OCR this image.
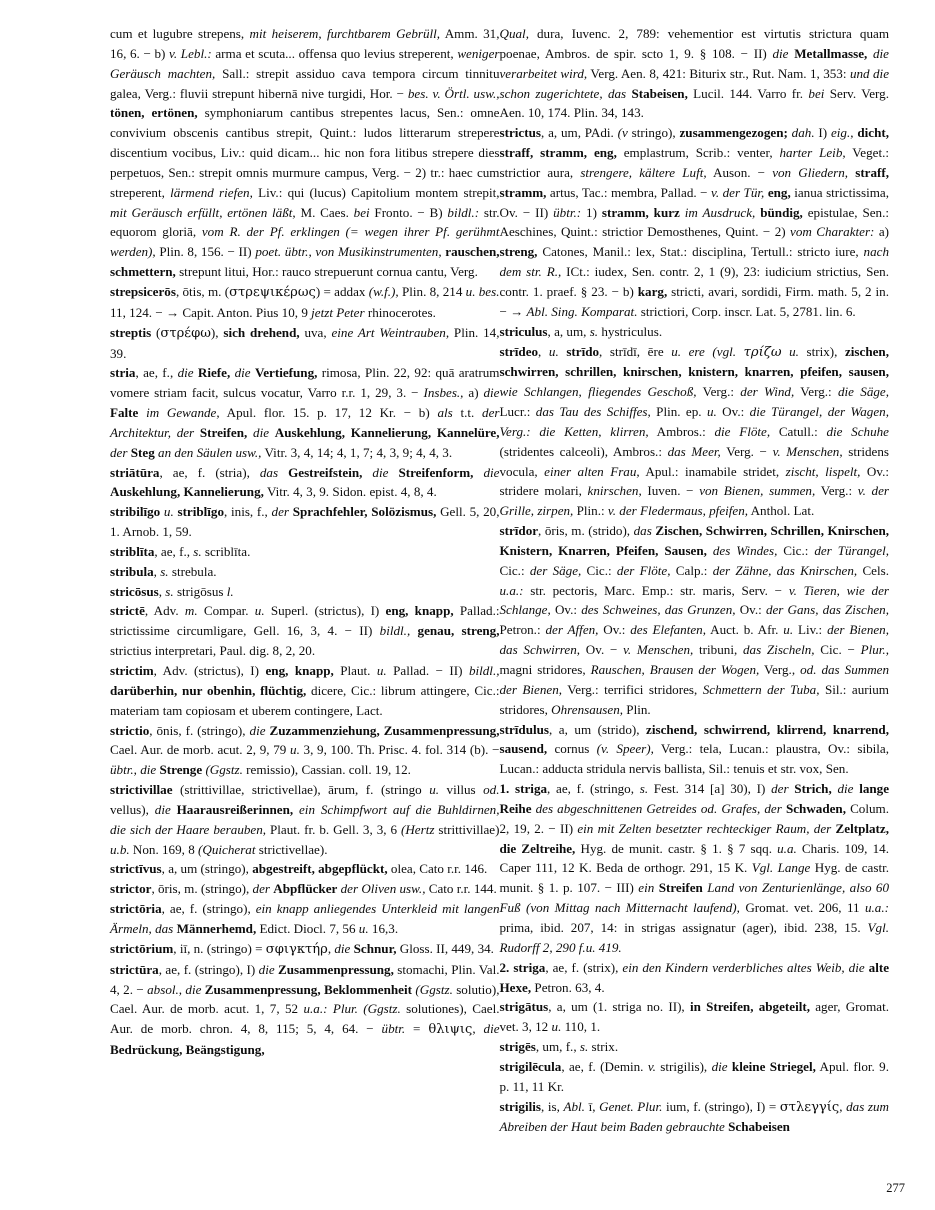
cum et lugubre strepens, mit heiserem, furchtbarem Gebrüll, Amm. 31, 16, 6. − b) v. Lebl.: arma et scuta... offensa quo levius streperent, weniger Geräusch machten, Sall.: strepit assiduo cava tempora circum tinnitu galea, Verg.: fluvii strepunt hibernā nive turgidi, Hor. − bes. v. Örtl. usw., tönen, ertönen, symphoniarum cantibus strepentes lacus, Sen.: omne convivium obscenis cantibus strepit, Quint.: ludos litterarum strepere discentium vocibus, Liv.: quid dicam... hic non fora litibus strepere dies perpetuos, Sen.: strepit omnis murmure campus, Verg. − 2) tr.: haec cum streperent, lärmend riefen, Liv.: qui (lucus) Capitolium montem strepit, mit Geräusch erfüllt, ertönen läßt, M. Caes. bei Fronto. − B) bildl.: str. equorom gloriā, vom R. der Pf. erklingen (= wegen ihrer Pf. gerühmt werden), Plin. 8, 156. − II) poet. übtr., von Musikinstrumenten, rauschen, schmettern, strepunt litui, Hor.: rauco strepuerunt cornua cantu, Verg.

strepsicerōs, ōtis, m. (στρεψικέρως) = addax (w.f.), Plin. 8, 214 u. bes. 11, 124. − → Capit. Anton. Pius 10, 9 jetzt Peter rhinocerotes.

streptis (στρέφω), sich drehend, uva, eine Art Weintrauben, Plin. 14, 39.

stria, ae, f., die Riefe, die Vertiefung, rimosa, Plin. 22, 92: quā aratrum vomere striam facit, sulcus vocatur, Varro r.r. 1, 29, 3. − Insbes., a) die Falte im Gewande, Apul. flor. 15. p. 17, 12 Kr. − b) als t.t. der Architektur, der Streifen, die Auskehlung, Kannelierung, Kannelüre, der Steg an den Säulen usw., Vitr. 3, 4, 14; 4, 1, 7; 4, 3, 9; 4, 4, 3.

striātūra, ae, f. (stria), das Gestreifstein, die Streifenform, die Auskehlung, Kannelierung, Vitr. 4, 3, 9. Sidon. epist. 4, 8, 4.

stribilīgo u. striblīgo, inis, f., der Sprachfehler, Solözismus, Gell. 5, 20, 1. Arnob. 1, 59.

striblīta, ae, f., s. scriblīta.

stribula, s. strebula.

stricōsus, s. strigōsus l.

strictē, Adv. m. Compar. u. Superl. (strictus), I) eng, knapp, Pallad.: strictissime circumligare, Gell. 16, 3, 4. − II) bildl., genau, streng, strictius interpretari, Paul. dig. 8, 2, 20.

strictim, Adv. (strictus), I) eng, knapp, Plaut. u. Pallad. − II) bildl., darüberhin, nur obenhin, flüchtig, dicere, Cic.: librum attingere, Cic.: materiam tam copiosam et uberem contingere, Lact.

strictio, ōnis, f. (stringo), die Zuzammenziehung, Zusammenpressung, Cael. Aur. de morb. acut. 2, 9, 79 u. 3, 9, 100. Th. Prisc. 4. fol. 314 (b). − übtr., die Strenge (Ggstz. remissio), Cassian. coll. 19, 12.

strictivillae (strittivillae, strictivellae), ārum, f. (stringo u. villus od. vellus), die Haarausreißerinnen, ein Schimpfwort auf die Buhldirnen, die sich der Haare berauben, Plaut. fr. b. Gell. 3, 3, 6 (Hertz strittivillae) u.b. Non. 169, 8 (Quicherat strictivellae).

strictīvus, a, um (stringo), abgestreift, abgepflückt, olea, Cato r.r. 146.

strictor, ōris, m. (stringo), der Abpflücker der Oliven usw., Cato r.r. 144.

strictōria, ae, f. (stringo), ein knapp anliegendes Unterkleid mit langen Ärmeln, das Männerhemd, Edict. Diocl. 7, 56 u. 16,3.

strictōrium, iī, n. (stringo) = σφιγκτήρ, die Schnur, Gloss. II, 449, 34.

strictūra, ae, f. (stringo), I) die Zusammenpressung, stomachi, Plin. Val. 4, 2. − absol., die Zusammenpressung, Beklommenheit (Ggstz. solutio), Cael. Aur. de morb. acut. 1, 7, 52 u.a.: Plur. (Ggstz. solutiones), Cael. Aur. de morb. chron. 4, 8, 115; 5, 4, 64. − übtr. = θλιψις, die Bedrückung, Beängstigung,

Qual, dura, Iuvenc. 2, 789: vehementior est virtutis strictura quam poenae, Ambros. de spir. scto 1, 9. § 108. − II) die Metallmasse, die verarbeitet wird, Verg. Aen. 8, 421: Biturix str., Rut. Nam. 1, 353: und die schon zugerichtete, das Stabeisen, Lucil. 144. Varro fr. bei Serv. Verg. Aen. 10, 174. Plin. 34, 143.

strictus, a, um, PAdi. (v stringo), zusammengezogen; dah. I) eig., dicht, straff, stramm, eng, emplastrum, Scrib.: venter, harter Leib, Veget.: strictior aura, strengere, kältere Luft, Auson. − von Gliedern, straff, stramm, artus, Tac.: membra, Pallad. − v. der Tür, eng, ianua strictissima, Ov. − II) übtr.: 1) stramm, kurz im Ausdruck, bündig, epistulae, Sen.: Aeschines, Quint.: strictior Demosthenes, Quint. − 2) vom Charakter: a) streng, Catones, Manil.: lex, Stat.: disciplina, Tertull.: stricto iure, nach dem str. R., ICt.: iudex, Sen. contr. 2, 1 (9), 23: iudicium strictius, Sen. contr. 1. praef. § 23. − b) karg, stricti, avari, sordidi, Firm. math. 5, 2 in. − → Abl. Sing. Komparat. strictiori, Corp. inscr. Lat. 5, 2781. lin. 6.

striculus, a, um, s. hystriculus.

strīdeo, u. strīdo, strīdī, ēre u. ere (vgl. τρίζω u. strix), zischen, schwirren, schrillen, knirschen, knistern, knarren, pfeifen, sausen, wie Schlangen, fliegendes Geschoß, Verg.: der Wind, Verg.: die Säge, Lucr.: das Tau des Schiffes, Plin. ep. u. Ov.: die Türangel, der Wagen, Verg.: die Ketten, klirren, Ambros.: die Flöte, Catull.: die Schuhe (stridentes calceoli), Ambros.: das Meer, Verg. − v. Menschen, stridens vocula, einer alten Frau, Apul.: inamabile stridet, zischt, lispelt, Ov.: stridere molari, knirschen, Iuven. − von Bienen, summen, Verg.: v. der Grille, zirpen, Plin.: v. der Fledermaus, pfeifen, Anthol. Lat.

strīdor, ōris, m. (strido), das Zischen, Schwirren, Schrillen, Knirschen, Knistern, Knarren, Pfeifen, Sausen, des Windes, Cic.: der Türangel, Cic.: der Säge, Cic.: der Flöte, Calp.: der Zähne, das Knirschen, Cels. u.a.: str. pectoris, Marc. Emp.: str. maris, Serv. − v. Tieren, wie der Schlange, Ov.: des Schweines, das Grunzen, Ov.: der Gans, das Zischen, Petron.: der Affen, Ov.: des Elefanten, Auct. b. Afr. u. Liv.: der Bienen, das Schwirren, Ov. − v. Menschen, tribuni, das Zischeln, Cic. − Plur., magni stridores, Rauschen, Brausen der Wogen, Verg., od. das Summen der Bienen, Verg.: terrifici stridores, Schmettern der Tuba, Sil.: aurium stridores, Ohrensausen, Plin.

strīdulus, a, um (strido), zischend, schwirrend, klirrend, knarrend, sausend, cornus (v. Speer), Verg.: tela, Lucan.: plaustra, Ov.: sibila, Lucan.: adducta stridula nervis ballista, Sil.: tenuis et str. vox, Sen.

1. striga, ae, f. (stringo, s. Fest. 314 [a] 30), I) der Strich, die lange Reihe des abgeschnittenen Getreides od. Grafes, der Schwaden, Colum. 2, 19, 2. − II) ein mit Zelten besetzter rechteckiger Raum, der Zeltplatz, die Zeltreihe, Hyg. de munit. castr. § 1. § 7 sqq. u.a. Charis. 109, 14. Caper 111, 12 K. Beda de orthogr. 291, 15 K. Vgl. Lange Hyg. de castr. munit. § 1. p. 107. − III) ein Streifen Land von Zenturienlänge, also 60 Fuß (von Mittag nach Mitternacht laufend), Gromat. vet. 206, 11 u.a.: prima, ibid. 207, 14: in strigas assignatur (ager), ibid. 238, 15. Vgl. Rudorff 2, 290 f.u. 419.

2. striga, ae, f. (strix), ein den Kindern verderbliches altes Weib, die alte Hexe, Petron. 63, 4.

strigātus, a, um (1. striga no. II), in Streifen, abgeteilt, ager, Gromat. vet. 3, 12 u. 110, 1.

strigēs, um, f., s. strix.

strigilēcula, ae, f. (Demin. v. strigilis), die kleine Striegel, Apul. flor. 9. p. 11, 11 Kr.

strigilis, is, Abl. ī, Genet. Plur. ium, f. (stringo), I) = στλεγγίς, das zum Abreiben der Haut beim Baden gebrauchte Schabeisen

277
